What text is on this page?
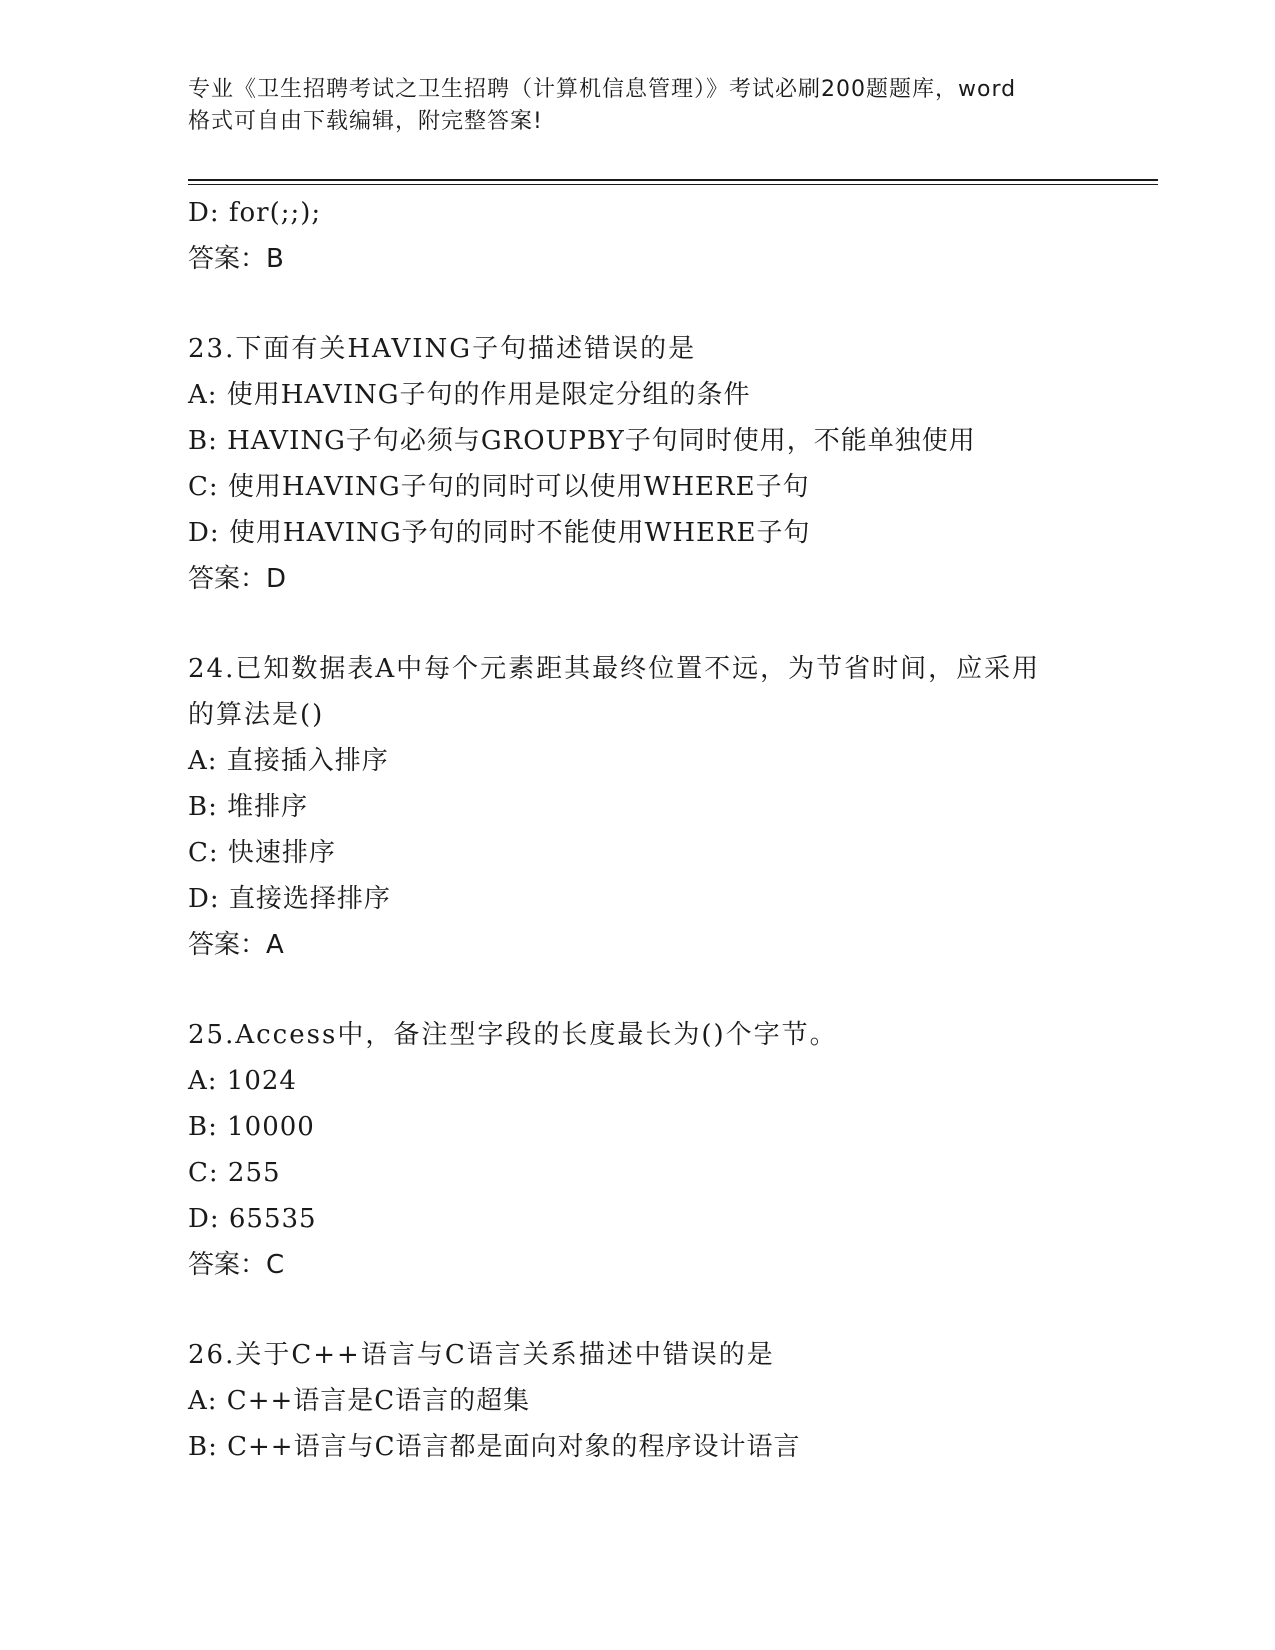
专业《卫生招聘考试之卫生招聘（计算机信息管理）》考试必刷200题题库，word
格式可自由下载编辑，附完整答案!
D: for(;;);
答案：B
23.下面有关HAVING子句描述错误的是
A: 使用HAVING子句的作用是限定分组的条件
B: HAVING子句必须与GROUPBY子句同时使用，不能单独使用
C: 使用HAVING子句的同时可以使用WHERE子句
D: 使用HAVING予句的同时不能使用WHERE子句
答案：D
24.已知数据表A中每个元素距其最终位置不远，为节省时间，应采用
的算法是()
A: 直接插入排序
B: 堆排序
C: 快速排序
D: 直接选择排序
答案：A
25.Access中，备注型字段的长度最长为()个字节。
A: 1024
B: 10000
C: 255
D: 65535
答案：C
26.关于C++语言与C语言关系描述中错误的是
A: C++语言是C语言的超集
B: C++语言与C语言都是面向对象的程序设计语言
